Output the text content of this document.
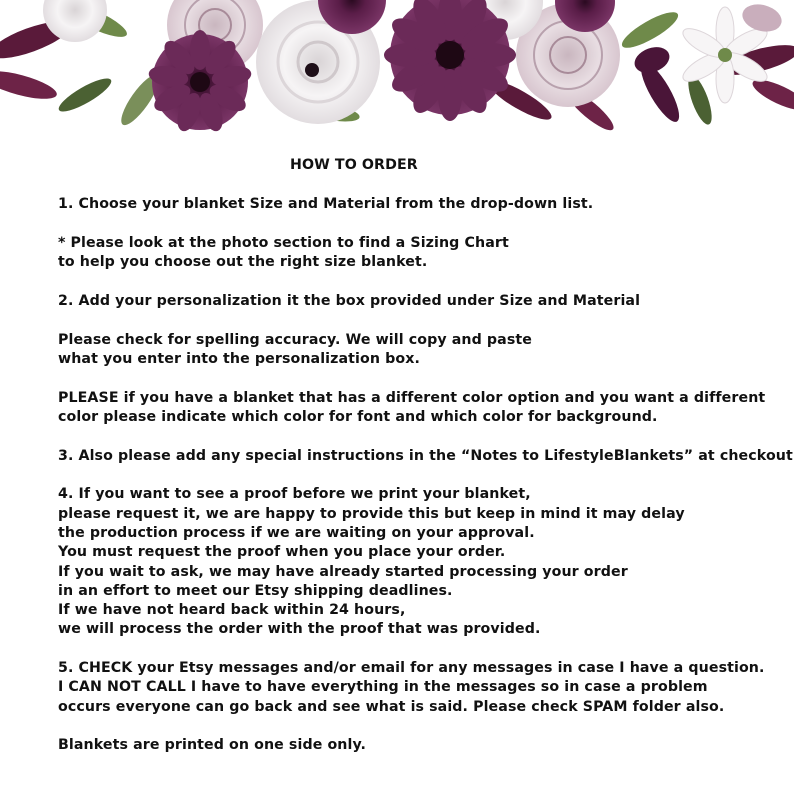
HOW TO ORDER
1. Choose your blanket Size and Material from the drop-down list.
* Please look at the photo section to find a Sizing Chart
to help you choose out the right size blanket.
2. Add your personalization it the box provided under Size and Material
Please check for spelling accuracy. We will copy and paste
what you enter into the personalization box.
PLEASE if you have a blanket that has a different color option and you want a different
color please indicate which color for font and which color for background.
3. Also please add any special instructions in the “Notes to LifestyleBlankets” at checkout
4. If you want to see a proof before we print your blanket,
please request it, we are happy to provide this but keep in mind it may delay
the production process if we are waiting on your approval.
You must request the proof when you place your order.
If you wait to ask, we may have already started processing your order
in an effort to meet our Etsy shipping deadlines.
If we have not heard back within 24 hours,
we will process the order with the proof that was provided.
5. CHECK your Etsy messages and/or email for any messages in case I have a question.
I CAN NOT CALL I have to have everything in the messages so in case a problem
occurs everyone can go back and see what is said. Please check SPAM folder also.
Blankets are printed on one side only.
